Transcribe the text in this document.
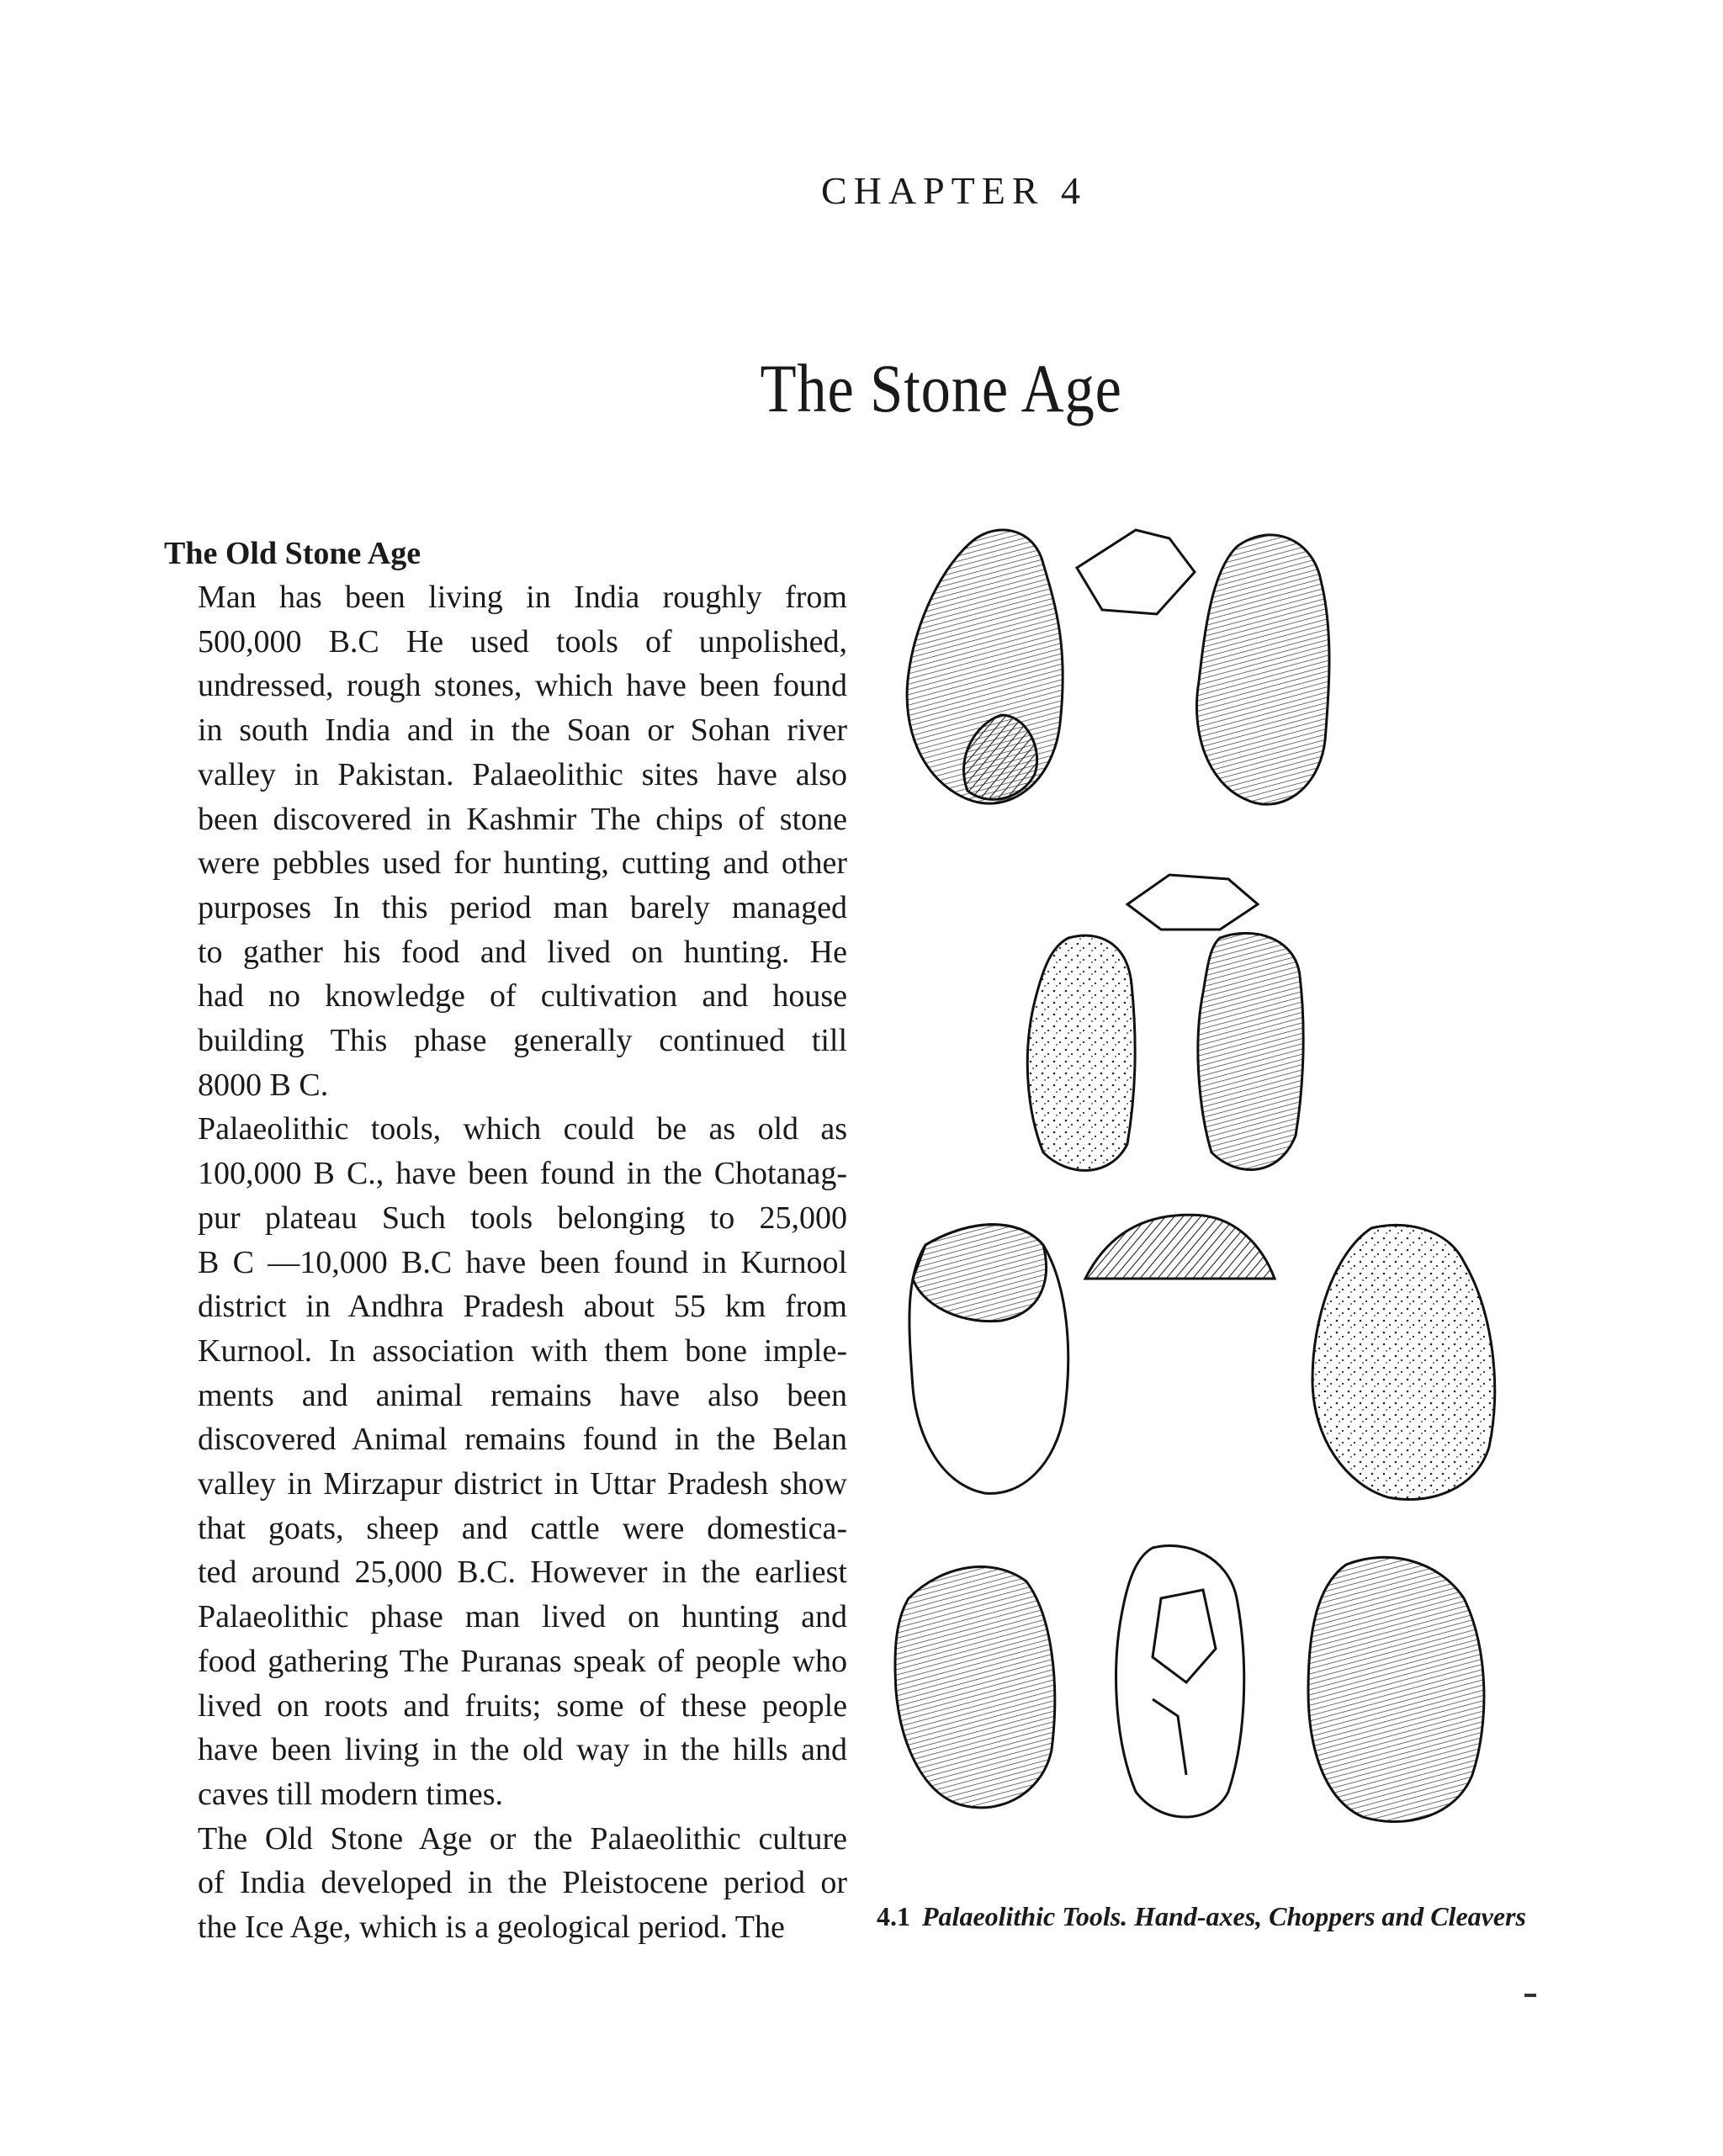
CHAPTER 4
The Stone Age
The Old Stone Age
Man has been living in India roughly from
500,000 B.C He used tools of unpolished,
undressed, rough stones, which have been found
in south India and in the Soan or Sohan river
valley in Pakistan. Palaeolithic sites have also
been discovered in Kashmir The chips of stone
were pebbles used for hunting, cutting and other
purposes In this period man barely managed
to gather his food and lived on hunting. He
had no knowledge of cultivation and house
building This phase generally continued till
8000 B C.
Palaeolithic tools, which could be as old as
100,000 B C., have been found in the Chotanag-
pur plateau Such tools belonging to 25,000
B C —10,000 B.C have been found in Kurnool
district in Andhra Pradesh about 55 km from
Kurnool. In association with them bone imple-
ments and animal remains have also been
discovered Animal remains found in the Belan
valley in Mirzapur district in Uttar Pradesh show
that goats, sheep and cattle were domestica-
ted around 25,000 B.C. However in the earliest
Palaeolithic phase man lived on hunting and
food gathering The Puranas speak of people who
lived on roots and fruits; some of these people
have been living in the old way in the hills and
caves till modern times.
The Old Stone Age or the Palaeolithic culture
of India developed in the Pleistocene period or
the Ice Age, which is a geological period. The	4.1 Palaeolithic Tools. Hand-axes, Choppers and Cleavers
